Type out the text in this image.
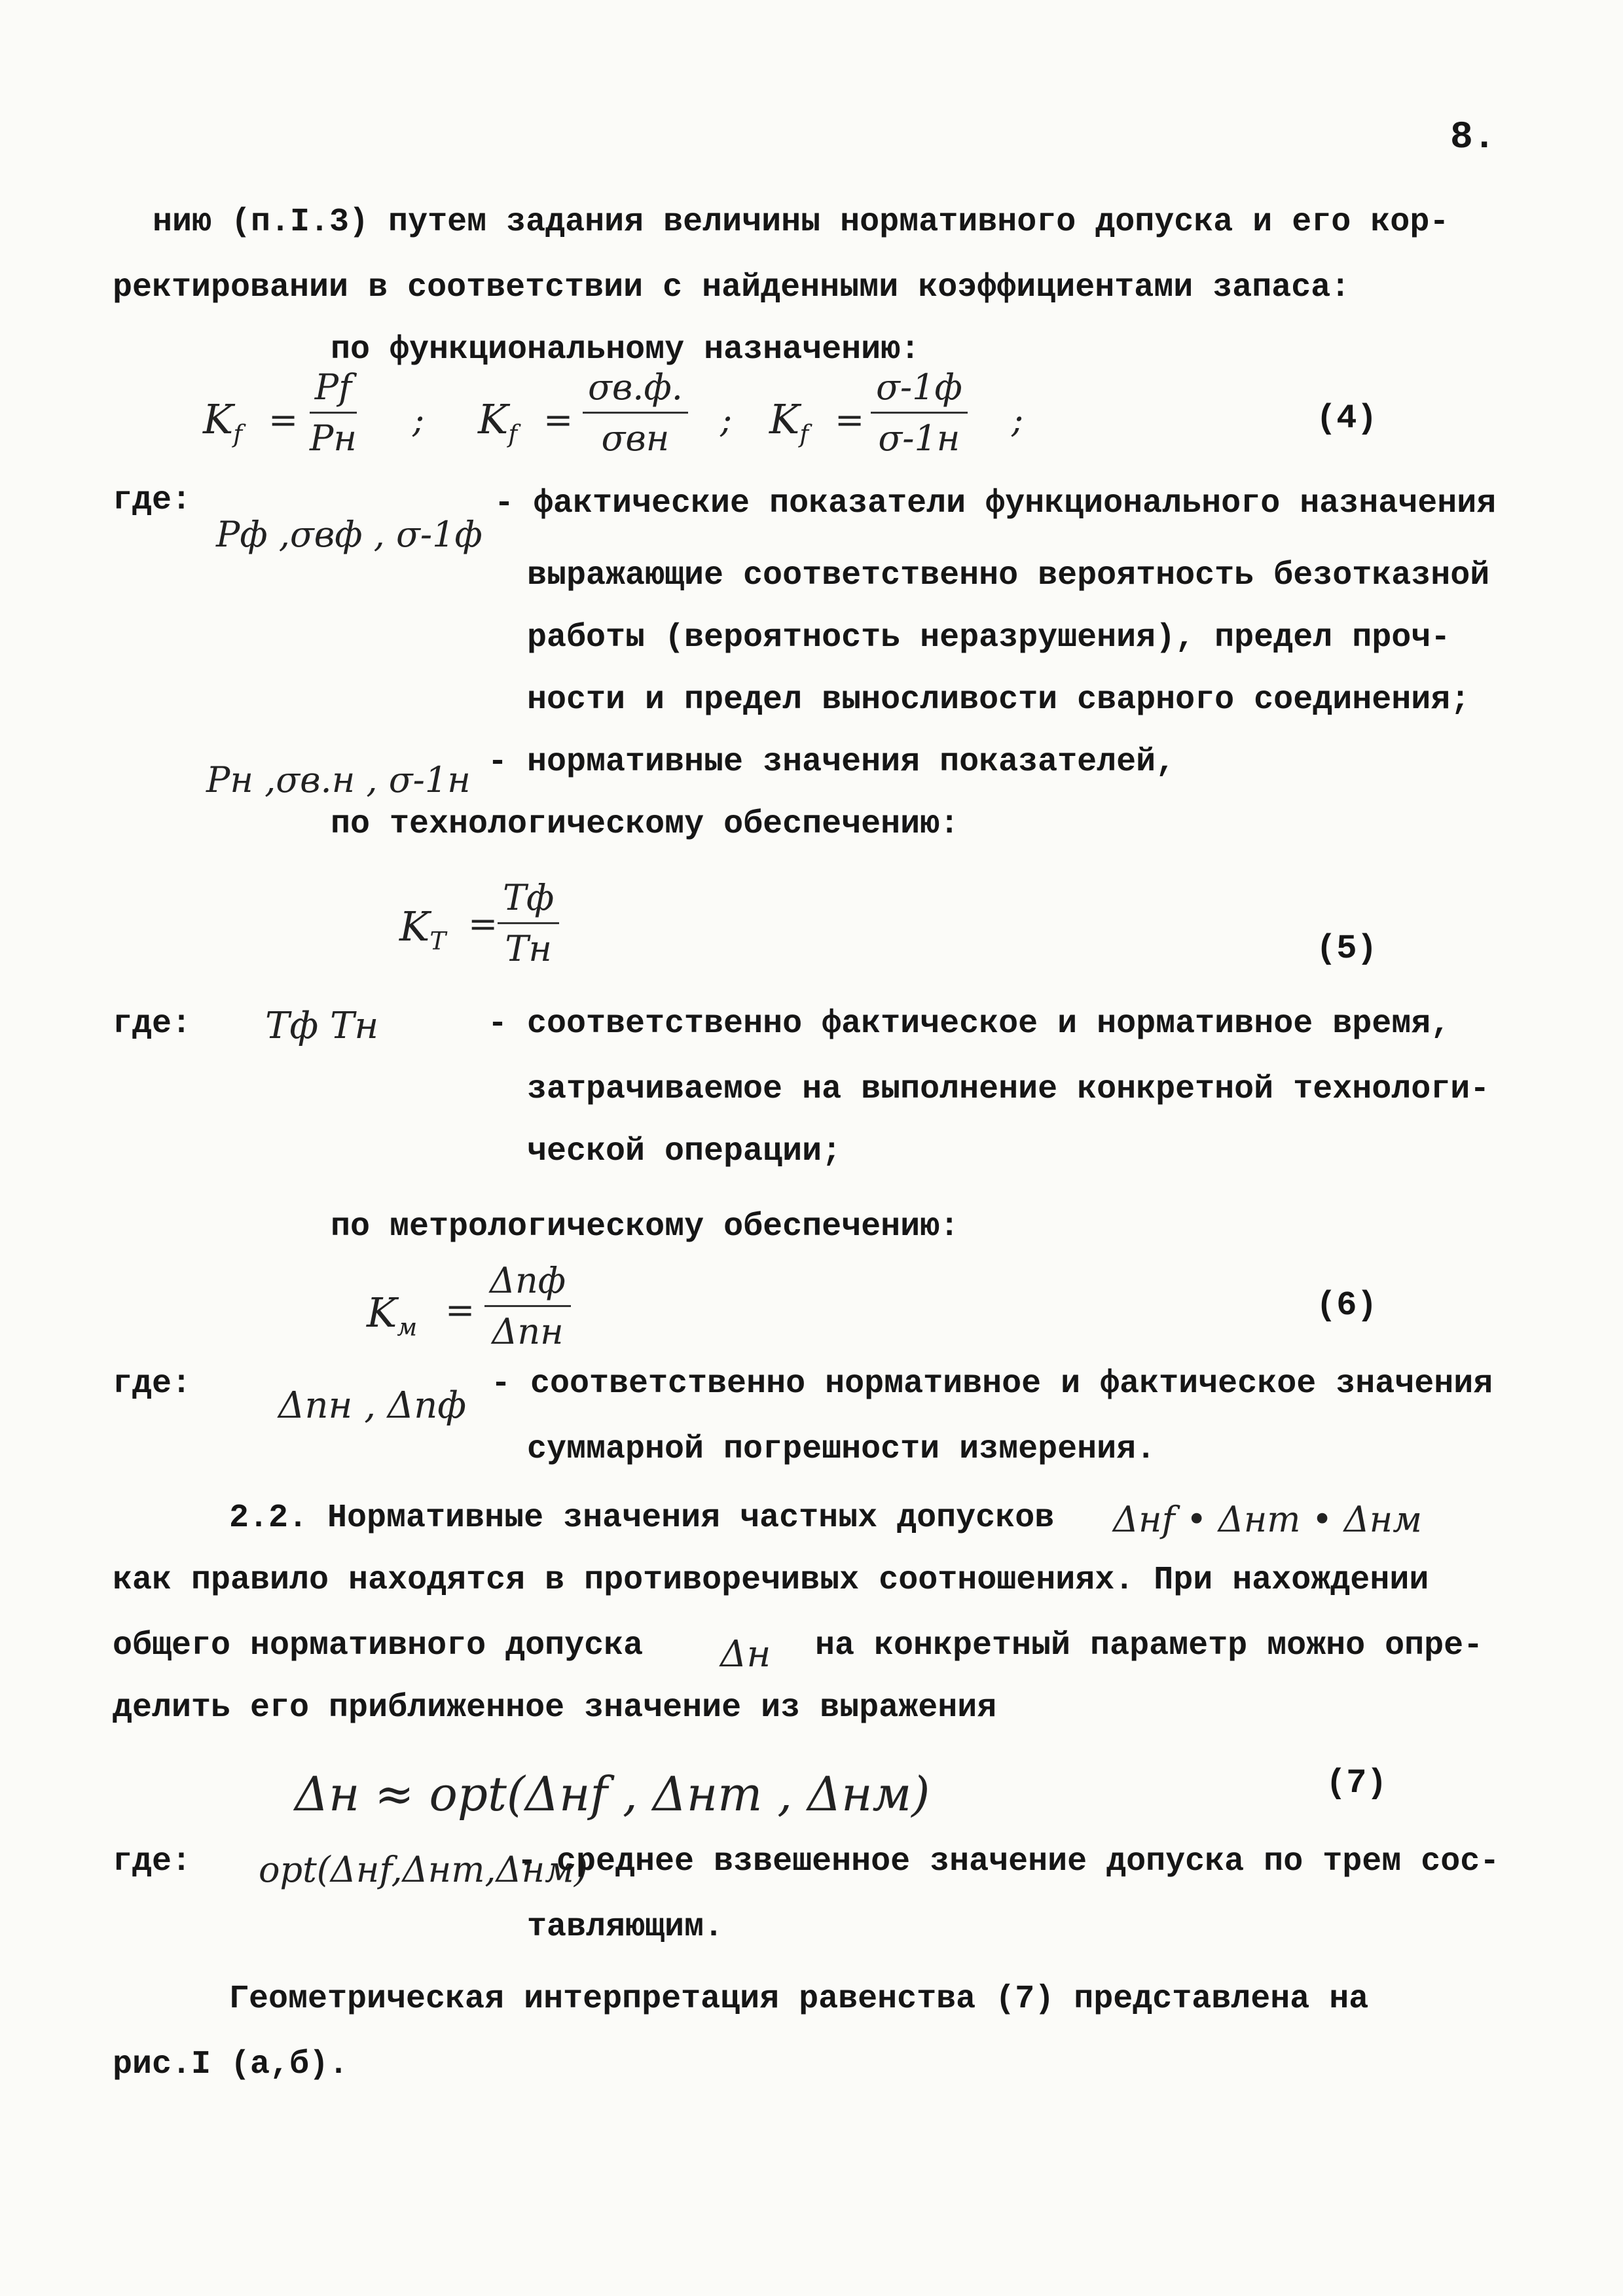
8.
нию (п.I.3) путем задания величины нормативного допуска и его кор-
ректировании в соответствии с найденными коэффициентами запаса:
по функциональному назначению:
$K_f$ =
Pf
Pн ; $K_f$ =
σв.ф.
σвн ; $K_f$ =
σ-1ф
σ-1н ;	(4)
где:
Pф ,σвф , σ-1ф
- фактические показатели функционального назначения
выражающие соответственно вероятность безотказной
работы (вероятность неразрушения), предел проч-
ности и предел выносливости сварного соединения;
Pн ,σв.н , σ-1н - нормативные значения показателей,
по технологическому обеспечению:
$K_T$ =
Tф
Tн	(5)
где: Tф Tн	- соответственно фактическое и нормативное время,
затрачиваемое на выполнение конкретной технологи-
ческой операции;
по метрологическому обеспечению:
$K_м$ =
Δпф
Δпн
(6)
где:
Δпн , Δпф
- соответственно нормативное и фактическое значения
суммарной погрешности измерения.
2.2. Нормативные значения частных допусков Δнf • Δнт • Δнм
как правило находятся в противоречивых соотношениях. При нахождении
общего нормативного допуска Δн на конкретный параметр можно опре-
делить его приближенное значение из выражения
Δн ≈ opt(Δнf , Δнт , Δнм)	(7)
где: opt(Δнf,Δнт,Δнм)
- среднее взвешенное значение допуска по трем сос-
тавляющим.
Геометрическая интерпретация равенства (7) представлена на
рис.I (а,б).
